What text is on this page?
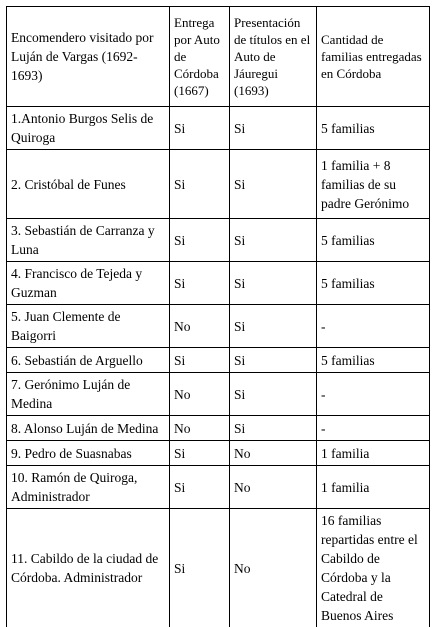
Encomendero visitado por Luján de Vargas (1692-1693)	Entrega por Auto de Córdoba (1667)	Presentación de títulos en el Auto de Jáuregui (1693)	Cantidad de familias entregadas en Córdoba

1.Antonio Burgos Selis de Quiroga	Si	Si	5 familias
2. Cristóbal de Funes	Si	Si	1 familia + 8 familias de su padre Gerónimo
3. Sebastián de Carranza y Luna	Si	Si	5 familias
4. Francisco de Tejeda y Guzman	Si	Si	5 familias
5. Juan Clemente de Baigorri	No	Si	-
6. Sebastián de Arguello	Si	Si	5 familias
7. Gerónimo Luján de Medina	No	Si	-
8. Alonso Luján de Medina	No	Si	-
9. Pedro de Suasnabas	Si	No	1 familia
10. Ramón de Quiroga, Administrador	Si	No	1 familia
11. Cabildo de la ciudad de Córdoba. Administrador	Si	No	16 familias repartidas entre el Cabildo de Córdoba y la Catedral de Buenos Aires
